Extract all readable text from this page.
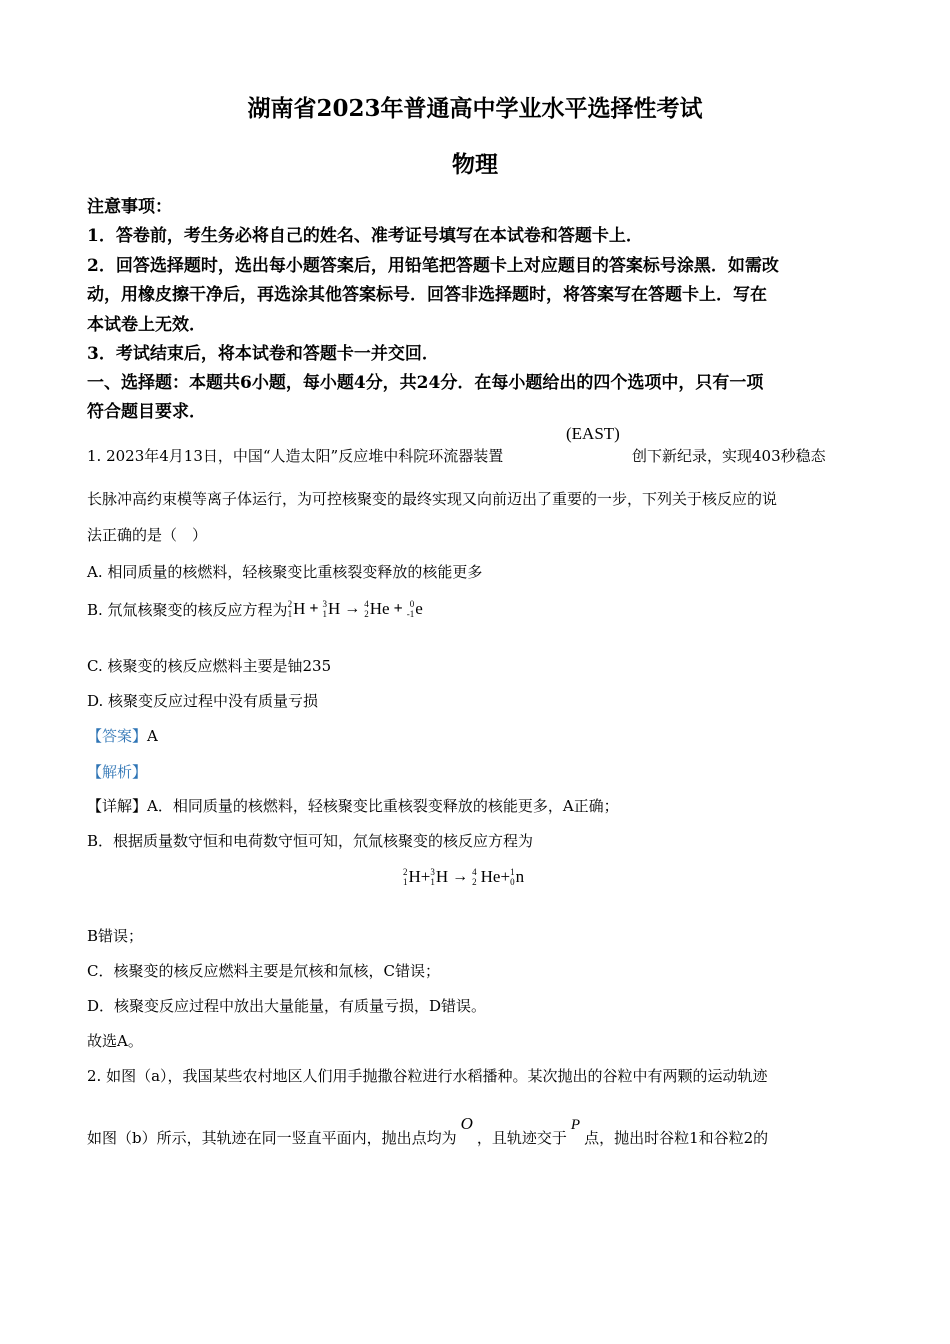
湖南省2023年普通高中学业水平选择性考试
物理
注意事项：
1．答卷前，考生务必将自己的姓名、准考证号填写在本试卷和答题卡上．
2．回答选择题时，选出每小题答案后，用铅笔把答题卡上对应题目的答案标号涂黑．如需改
动，用橡皮擦干净后，再选涂其他答案标号．回答非选择题时，将答案写在答题卡上．写在
本试卷上无效．
3．考试结束后，将本试卷和答题卡一并交回．
一、选择题：本题共6小题，每小题4分，共24分．在每小题给出的四个选项中，只有一项
符合题目要求．
(EAST)
1. 2023年4月13日，中国“人造太阳”反应堆中科院环流器装置	创下新纪录，实现403秒稳态
长脉冲高约束模等离子体运行，为可控核聚变的最终实现又向前迈出了重要的一步，下列关于核反应的说
法正确的是（　）
A. 相同质量的核燃料，轻核聚变比重核裂变释放的核能更多
B. 氘氚核聚变的核反应方程为 2
1 H + 3
1 H → 4
2 He + 0
-1 e
C. 核聚变的核反应燃料主要是铀235
D. 核聚变反应过程中没有质量亏损
【答案】A
【解析】
【详解】A．相同质量的核燃料，轻核聚变比重核裂变释放的核能更多，A正确；
B．根据质量数守恒和电荷数守恒可知，氘氚核聚变的核反应方程为
2
1 H + 3
1 H → 4
2 He + 1
0 n
B错误；
C．核聚变的核反应燃料主要是氘核和氚核，C错误；
D．核聚变反应过程中放出大量能量，有质量亏损，D错误。
故选A。
2. 如图（a），我国某些农村地区人们用手抛撒谷粒进行水稻播种。某次抛出的谷粒中有两颗的运动轨迹
如图（b）所示，其轨迹在同一竖直平面内，抛出点均为O，且轨迹交于P点，抛出时谷粒1和谷粒2的
